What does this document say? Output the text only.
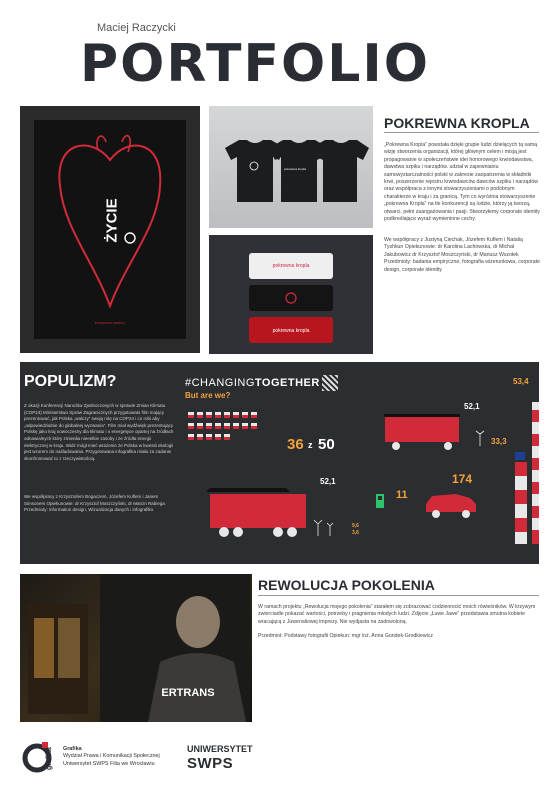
Maciej Raczycki
PORTFOLIO
ŻYCIE
POKREWNA KROPLA
pokrewna kropla
pokrewna kropla
pokrewna kropla
POKREWNA KROPLA
„Pokrewna Kropla” powstała dzięki grupie ludzi dzielących tą samą wizję stworzenia organizacji, której głównym celem i misją jest propagowanie w społeczeństwie idei honorowego krwiodawstwa, dawstwa szpiku i narządów. udział w zapewnianiu samowystarczalności polski w zakresie zaopatrzenia w składniki krwi, poszerzenie rejestru krwiodawców dawców szpiku i narządów oraz współpraca z innymi stowarzyszeniami o podobnym charakterze w kraju i za granicą. Tym co wyróżnia stowarzyszenie „pokrewna Kropla” na tle konkurencji są ludzie, którzy ją tworzą, otwarci, pełni zaangażowania i pasji. Stworzyłemy corporate identity podkreślające wyraź wymienione cechy.
We współpracy z Justyną Ciechak, Józefem Kuflem i Natalią Tyshkun Opiekunowie: dr Karolina Lachowska, dr Michał Jakubowicz dr Krzysztof Moszczyński, dr Mariusz Wszołek Przedmioty: badania empiryczne, fotografia wizerunkowa, corporate design, corporate identity
POPULIZM?
Z okazji Konferencji Narodów Zjednoczonych w sprawie Zmian Klimatu (COP24) Ministerstwo Spraw Zagranicznych przygotowało film mający prezentować, jak Polska „walczy” swoją rolę na COP24 i co robi aby „odpowiedzialnie do globalnej wyzwania”. Film miał wydźwięk prezentujący Polskę jako kraj nowoczesny dla klimatu i o energetyce opartej na źródłach odnawialnych który zmieniła nieeelkie zasoby i ze źródła energii elektrycznej w kraju. Widz mógł mieć wrażenie że Polska w kwestii ekologii jest wzorem do naśladowania. Przygotowana infografika miała za zadanie skonfrontować to z rzeczywistością.
We współpracy z Krzysztofem Bogaczem, Józefem Kuflem i Janem Simsonem Opiekunowie: dr Krzysztof Moszczyński, dr Marcin Rabiega Przedmioty: information design, Wizualizacja danych i infografiko
#CHANGINGTOGETHER
But are we?
36 z 50
52,1
52,1
11
174
33,3
53,4
9,6
3,6
ERTRANS
REWOLUCJA POKOLENIA
W ramach projektu „Rewolucja mojego pokolenia” starałem się zobrazować codzienność moich rówieśników. W krzywym zwierciadle pokazać wartości, potrzeby i pragnienia młodych ludzi. Zdjęcie „Łuwe Jawe” przedstawia smutna kobiete wracającą z Juwenaliowej imprezy. Nie wydjasta na zadowoloną.
Przedmiot: Podstawy fotografii Opiekun: mgr inż. Anna Gondek-Grodkiewicz
grafika Grafika
Wydział Prawa i Komunikacji Społecznej
Uniwersytet SWPS Filia we Wrocławiu
UNIWERSYTET
SWPS
